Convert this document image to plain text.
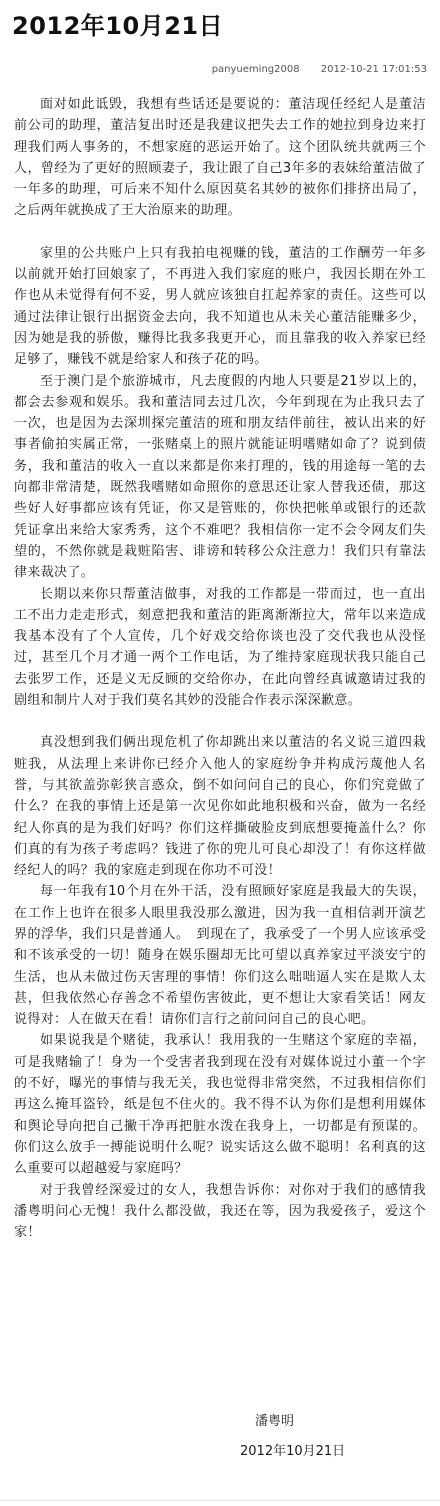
2012年10月21日
panyueming2008 2012-10-21 17:01:53

面对如此诋毁，我想有些话还是要说的：董洁现任经纪人是董洁前公司的助理，董洁复出时还是我建议把失去工作的她拉到身边来打理我们两人事务的，不想家庭的恶运开始了。这个团队统共就两三个人，曾经为了更好的照顾妻子，我让跟了自己3年多的表妹给董洁做了一年多的助理，可后来不知什么原因莫名其妙的被你们排挤出局了，之后两年就换成了王大治原来的助理。

家里的公共账户上只有我拍电视赚的钱，董洁的工作酬劳一年多以前就开始打回娘家了，不再进入我们家庭的账户，我因长期在外工作也从未觉得有何不妥，男人就应该独自扛起养家的责任。这些可以通过法律让银行出据资金去向，我不知道也从未关心董洁能赚多少，因为她是我的骄傲，赚得比我多我更开心，而且靠我的收入养家已经足够了，赚钱不就是给家人和孩子花的吗。

至于澳门是个旅游城市，凡去度假的内地人只要是21岁以上的，都会去参观和娱乐。我和董洁同去过几次，今年到现在为止我只去了一次，也是因为去深圳探完董洁的班和朋友结伴前往，被认出来的好事者偷拍实属正常，一张赌桌上的照片就能证明嗜赌如命了？说到债务，我和董洁的收入一直以来都是你来打理的，钱的用途每一笔的去向都非常清楚，既然我嗜赌如命照你的意思还让家人替我还债，那这些好人好事都应该有凭证，你又是管账的，你快把帐单或银行的还款凭证拿出来给大家秀秀，这个不难吧？我相信你一定不会令网友们失望的，不然你就是栽赃陷害、诽谤和转移公众注意力！我们只有靠法律来裁决了。

长期以来你只帮董洁做事，对我的工作都是一带而过，也一直出工不出力走走形式，刻意把我和董洁的距离渐渐拉大，常年以来造成我基本没有了个人宣传，几个好戏交给你谈也没了交代我也从没怪过，甚至几个月才通一两个工作电话，为了维持家庭现状我只能自己去张罗工作，还是义无反顾的交给你办，在此向曾经真诚邀请过我的剧组和制片人对于我们莫名其妙的没能合作表示深深歉意。

真没想到我们俩出现危机了你却跳出来以董洁的名义说三道四栽赃我，从法理上来讲你已经介入他人的家庭纷争并构成污蔑他人名誉，与其欲盖弥彰狭言惑众，倒不如问问自己的良心，你们究竟做了什么？在我的事情上还是第一次见你如此地积极和兴奋，做为一名经纪人你真的是为我们好吗？你们这样撕破脸皮到底想要掩盖什么？你们真的有为孩子考虑吗？钱进了你的兜儿可良心却没了！有你这样做经纪人的吗？我的家庭走到现在你功不可没！

每一年我有10个月在外干活，没有照顾好家庭是我最大的失误，在工作上也许在很多人眼里我没那么激进，因为我一直相信剥开演艺界的浮华，我们只是普通人。　到现在了，我承受了一个男人应该承受和不该承受的一切！随身在娱乐圈却无比可望以真养家过平淡安宁的生活，也从未做过伤天害理的事情！你们这么咄咄逼人实在是欺人太甚，但我依然心存善念不希望伤害彼此，更不想让大家看笑话！网友说得对：人在做天在看！请你们言行之前问问自己的良心吧。

如果说我是个赌徒，我承认！我用我的一生赌这个家庭的幸福，可是我赌输了！身为一个受害者我到现在没有对媒体说过小董一个字的不好，曝光的事情与我无关，我也觉得非常突然，不过我相信你们再这么掩耳盗铃，纸是包不住火的。我不得不认为你们是想利用媒体和舆论导向把自己撇干净再把脏水泼在我身上，一切都是有预谋的。你们这么放手一搏能说明什么呢？说实话这么做不聪明！名利真的这么重要可以超越爱与家庭吗？

对于我曾经深爱过的女人，我想告诉你：对你对于我们的感情我潘粤明问心无愧！我什么都没做，我还在等，因为我爱孩子，爱这个家！

潘粤明
2012年10月21日
